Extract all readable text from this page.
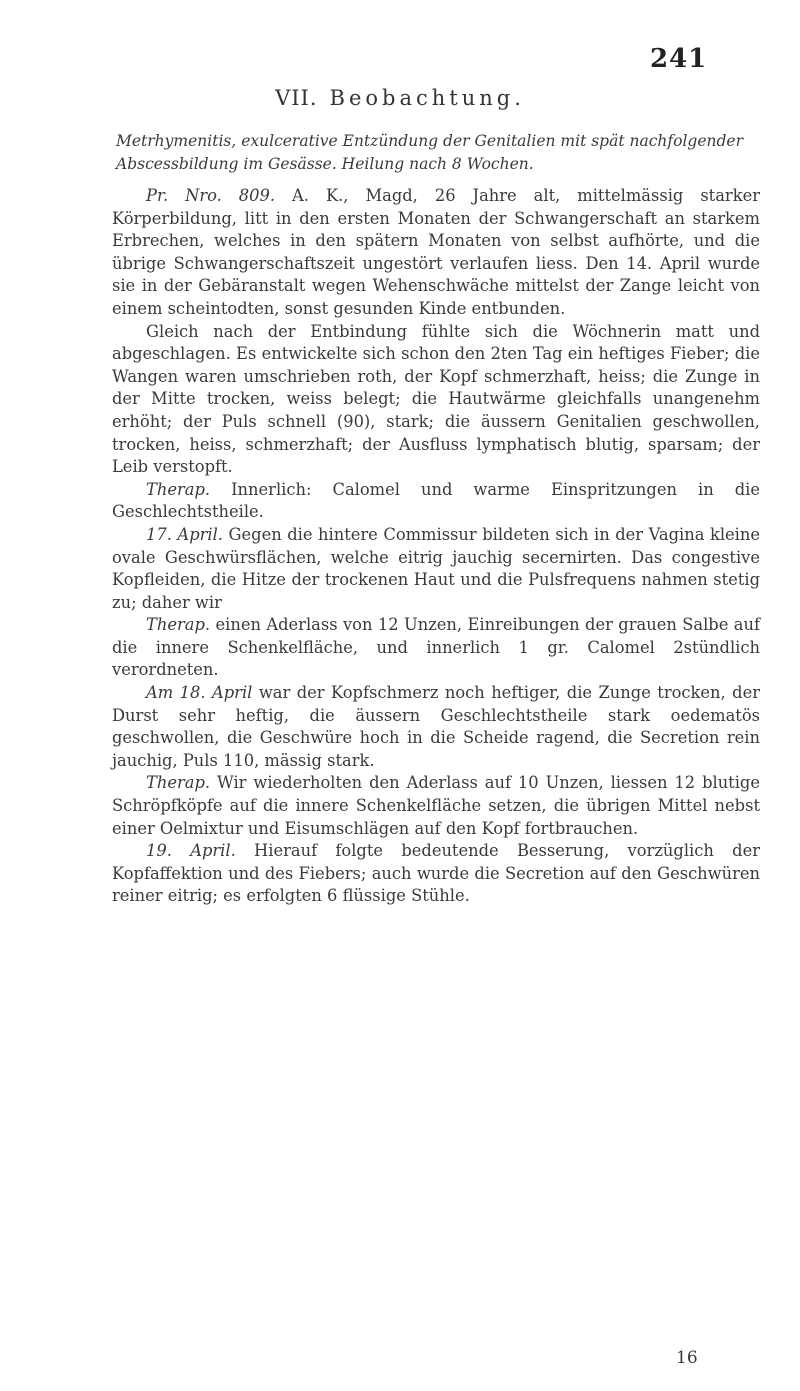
241
VII. Beobachtung.
Metrhymenitis, exulcerative Entzündung der Genitalien mit spät nachfolgender Abscessbildung im Gesässe. Heilung nach 8 Wochen.

Pr. Nro. 809. A. K., Magd, 26 Jahre alt, mittelmässig starker Körperbildung, litt in den ersten Monaten der Schwangerschaft an starkem Erbrechen, welches in den spätern Monaten von selbst aufhörte, und die übrige Schwangerschaftszeit ungestört verlaufen liess. Den 14. April wurde sie in der Gebäranstalt wegen Wehenschwäche mittelst der Zange leicht von einem scheintodten, sonst gesunden Kinde entbunden.

Gleich nach der Entbindung fühlte sich die Wöchnerin matt und abgeschlagen. Es entwickelte sich schon den 2ten Tag ein heftiges Fieber; die Wangen waren umschrieben roth, der Kopf schmerzhaft, heiss; die Zunge in der Mitte trocken, weiss belegt; die Hautwärme gleichfalls unangenehm erhöht; der Puls schnell (90), stark; die äussern Genitalien geschwollen, trocken, heiss, schmerzhaft; der Ausfluss lymphatisch blutig, sparsam; der Leib verstopft.

Therap. Innerlich: Calomel und warme Einspritzungen in die Geschlechtstheile.

17. April. Gegen die hintere Commissur bildeten sich in der Vagina kleine ovale Geschwürsflächen, welche eitrig jauchig secernirten. Das congestive Kopfleiden, die Hitze der trockenen Haut und die Pulsfrequens nahmen stetig zu; daher wir

Therap. einen Aderlass von 12 Unzen, Einreibungen der grauen Salbe auf die innere Schenkelfläche, und innerlich 1 gr. Calomel 2stündlich verordneten.

Am 18. April war der Kopfschmerz noch heftiger, die Zunge trocken, der Durst sehr heftig, die äussern Geschlechtstheile stark oedematös geschwollen, die Geschwüre hoch in die Scheide ragend, die Secretion rein jauchig, Puls 110, mässig stark.

Therap. Wir wiederholten den Aderlass auf 10 Unzen, liessen 12 blutige Schröpfköpfe auf die innere Schenkelfläche setzen, die übrigen Mittel nebst einer Oelmixtur und Eisumschlägen auf den Kopf fortbrauchen.

19. April. Hierauf folgte bedeutende Besserung, vorzüglich der Kopfaffektion und des Fiebers; auch wurde die Secretion auf den Geschwüren reiner eitrig; es erfolgten 6 flüssige Stühle.

16
